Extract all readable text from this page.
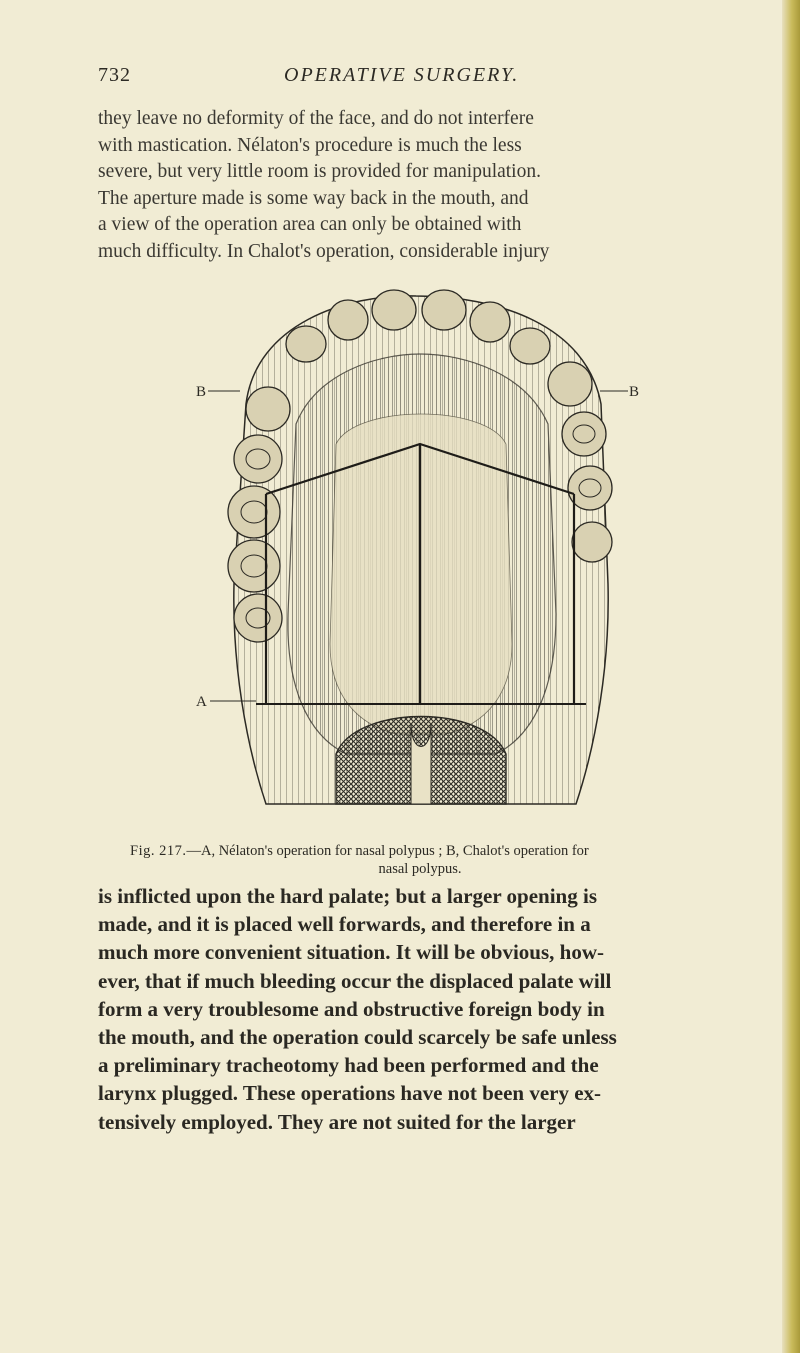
732	OPERATIVE SURGERY.

they leave no deformity of the face, and do not interfere
with mastication. Nélaton's procedure is much the less
severe, but very little room is provided for manipulation.
The aperture made is some way back in the mouth, and
a view of the operation area can only be obtained with
much difficulty. In Chalot's operation, considerable injury

B	B
A
Fig. 217.—A, Nélaton's operation for nasal polypus ; B, Chalot's operation for
nasal polypus.

is inflicted upon the hard palate; but a larger opening is
made, and it is placed well forwards, and therefore in a
much more convenient situation. It will be obvious, how-
ever, that if much bleeding occur the displaced palate will
form a very troublesome and obstructive foreign body in
the mouth, and the operation could scarcely be safe unless
a preliminary tracheotomy had been performed and the
larynx plugged. These operations have not been very ex-
tensively employed. They are not suited for the larger
